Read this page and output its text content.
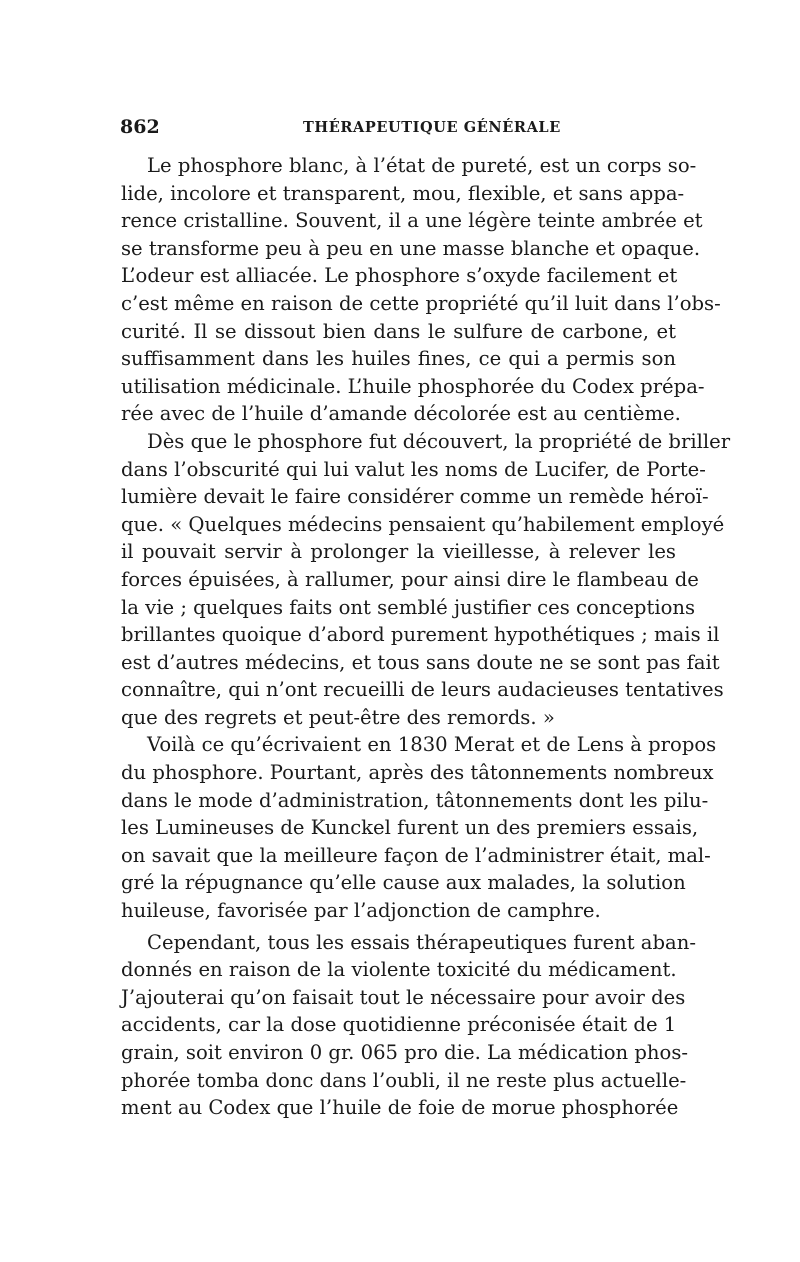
862	THÉRAPEUTIQUE GÉNÉRALE
Le phosphore blanc, à l’état de pureté, est un corps so-
lide, incolore et transparent, mou, flexible, et sans appa-
rence cristalline. Souvent, il a une légère teinte ambrée et
se transforme peu à peu en une masse blanche et opaque.
L’odeur est alliacée. Le phosphore s’oxyde facilement et
c’est même en raison de cette propriété qu’il luit dans l’obs-
curité. Il se dissout bien dans le sulfure de carbone, et
suffisamment dans les huiles fines, ce qui a permis son
utilisation médicinale. L’huile phosphorée du Codex prépa-
rée avec de l’huile d’amande décolorée est au centième.
Dès que le phosphore fut découvert, la propriété de briller
dans l’obscurité qui lui valut les noms de Lucifer, de Porte-
lumière devait le faire considérer comme un remède héroï-
que. « Quelques médecins pensaient qu’habilement employé
il pouvait servir à prolonger la vieillesse, à relever les
forces épuisées, à rallumer, pour ainsi dire le flambeau de
la vie ; quelques faits ont semblé justifier ces conceptions
brillantes quoique d’abord purement hypothétiques ; mais il
est d’autres médecins, et tous sans doute ne se sont pas fait
connaître, qui n’ont recueilli de leurs audacieuses tentatives
que des regrets et peut-être des remords. »
Voilà ce qu’écrivaient en 1830 Merat et de Lens à propos
du phosphore. Pourtant, après des tâtonnements nombreux
dans le mode d’administration, tâtonnements dont les pilu-
les Lumineuses de Kunckel furent un des premiers essais,
on savait que la meilleure façon de l’administrer était, mal-
gré la répugnance qu’elle cause aux malades, la solution
huileuse, favorisée par l’adjonction de camphre.
Cependant, tous les essais thérapeutiques furent aban-
donnés en raison de la violente toxicité du médicament.
J’ajouterai qu’on faisait tout le nécessaire pour avoir des
accidents, car la dose quotidienne préconisée était de 1
grain, soit environ 0 gr. 065 pro die. La médication phos-
phorée tomba donc dans l’oubli, il ne reste plus actuelle-
ment au Codex que l’huile de foie de morue phosphorée
